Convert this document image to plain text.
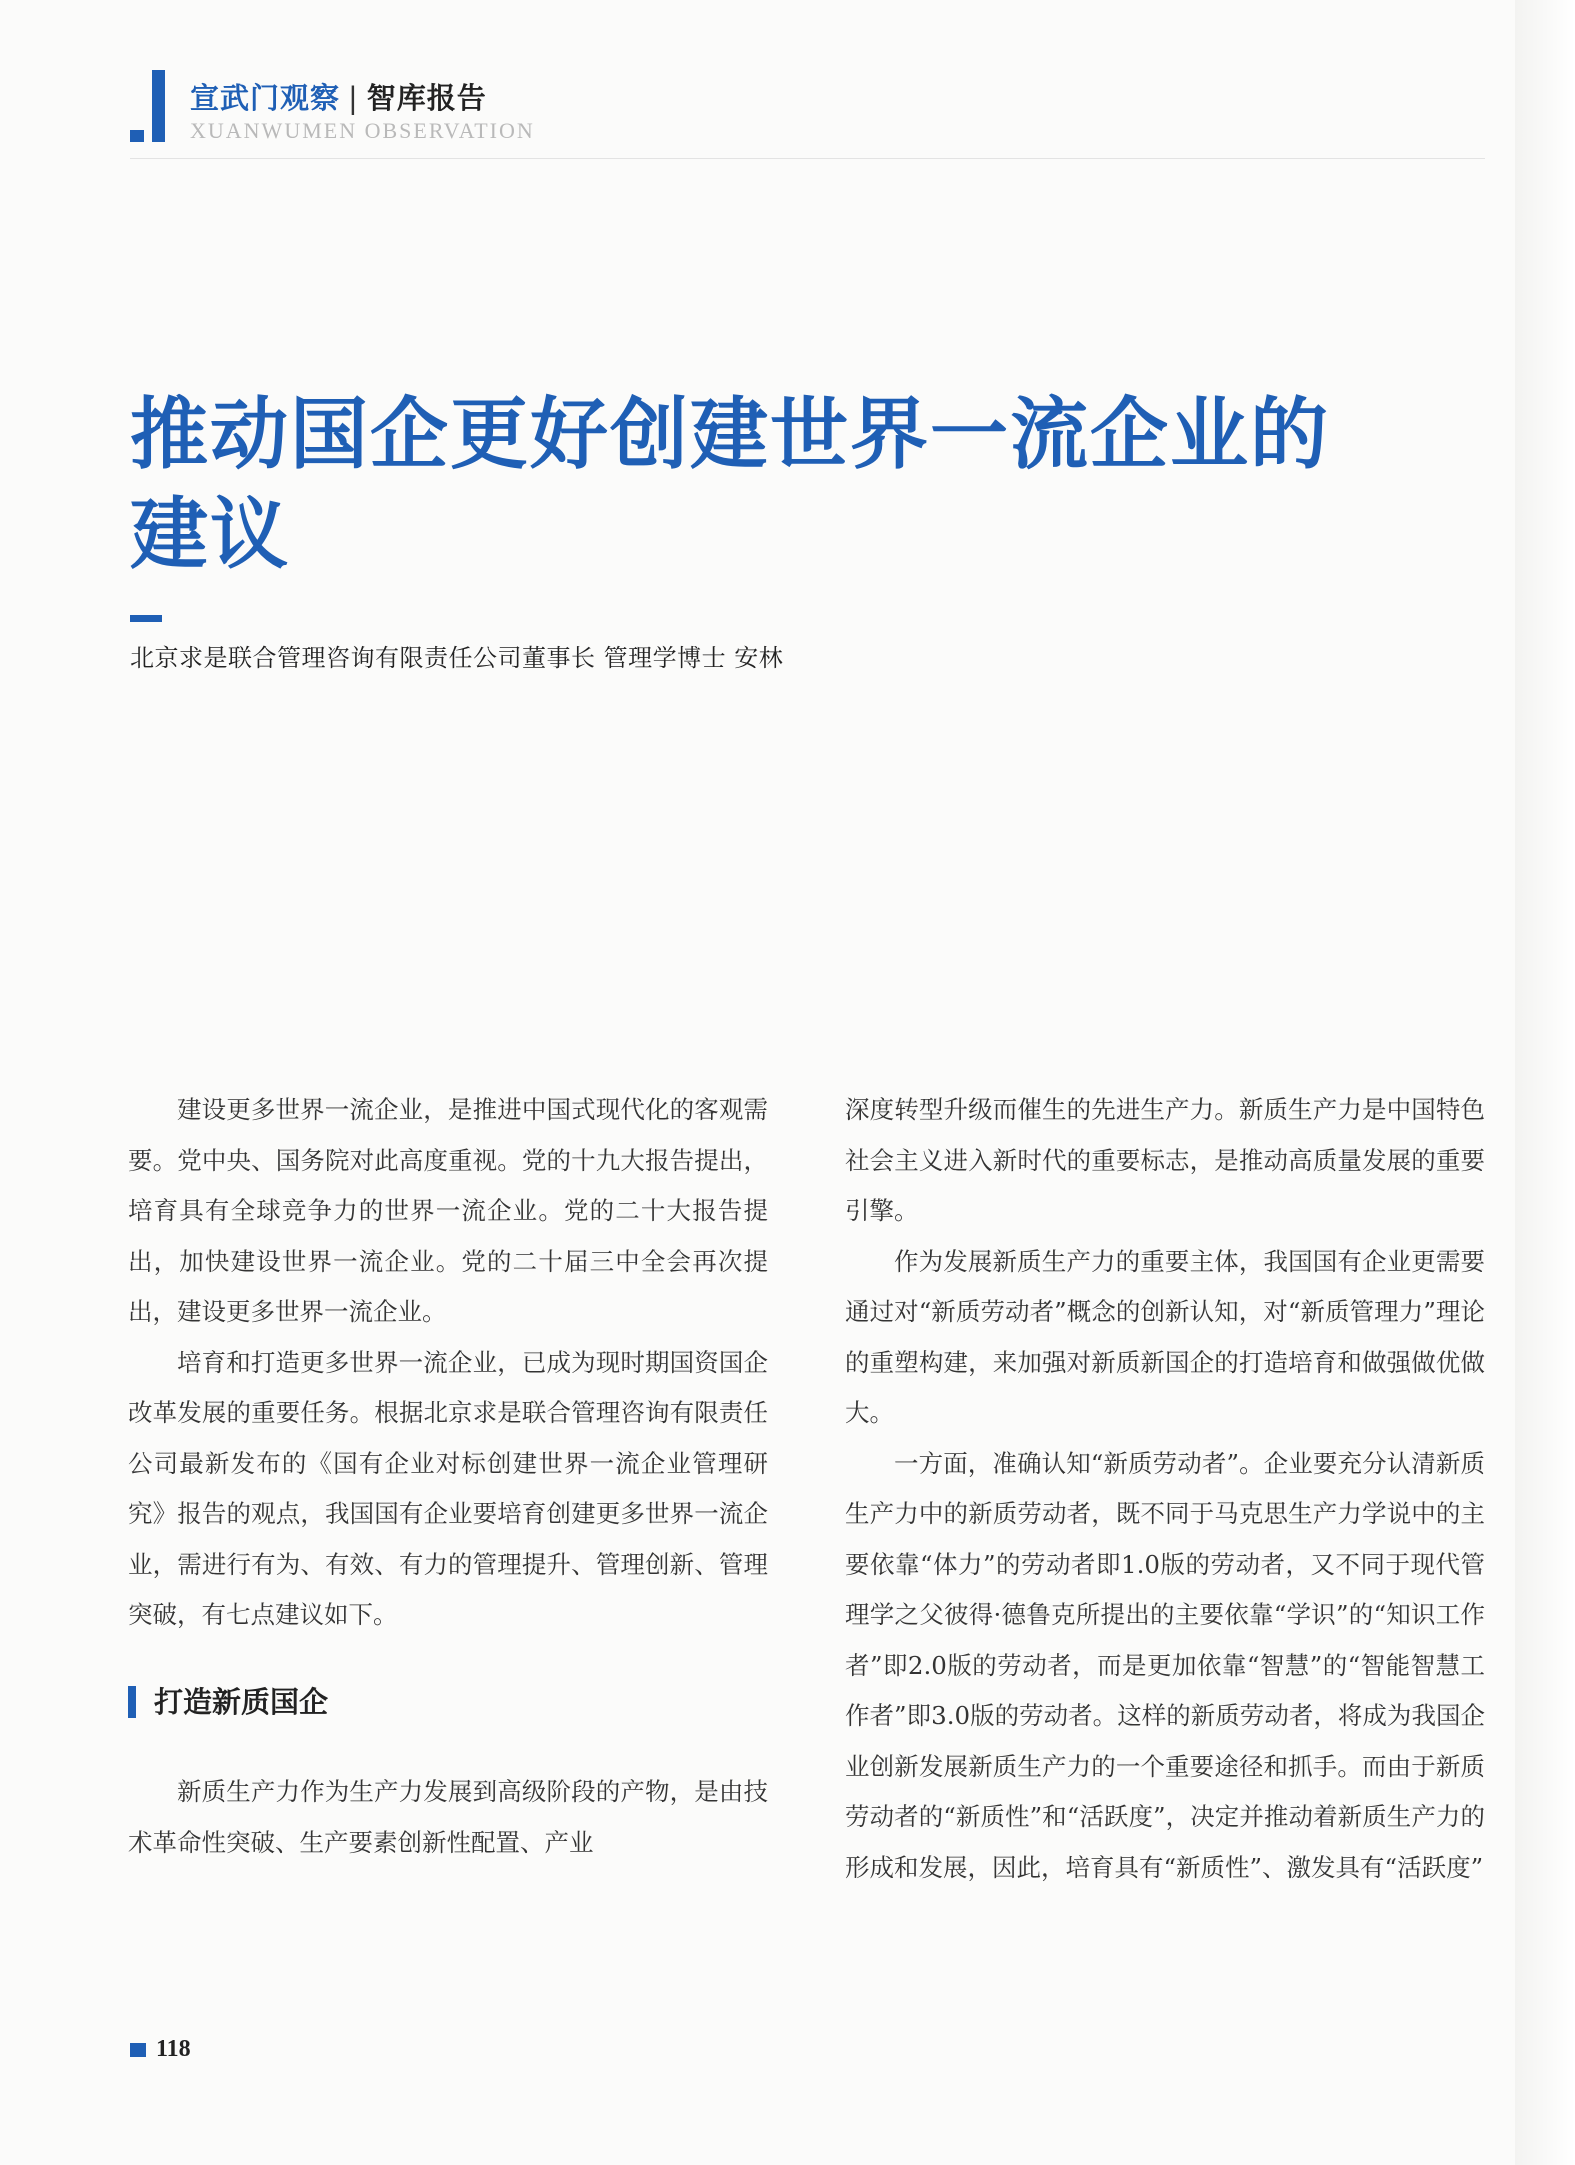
宣武门观察 | 智库报告
XUANWUMEN OBSERVATION
推动国企更好创建世界一流企业的
建议
北京求是联合管理咨询有限责任公司董事长 管理学博士 安林

建设更多世界一流企业，是推进中国式现代化的客观需要。党中央、国务院对此高度重视。党的十九大报告提出，培育具有全球竞争力的世界一流企业。党的二十大报告提出，加快建设世界一流企业。党的二十届三中全会再次提出，建设更多世界一流企业。

培育和打造更多世界一流企业，已成为现时期国资国企改革发展的重要任务。根据北京求是联合管理咨询有限责任公司最新发布的《国有企业对标创建世界一流企业管理研究》报告的观点，我国国有企业要培育创建更多世界一流企业，需进行有为、有效、有力的管理提升、管理创新、管理突破，有七点建议如下。

打造新质国企

新质生产力作为生产力发展到高级阶段的产物，是由技术革命性突破、生产要素创新性配置、产业

深度转型升级而催生的先进生产力。新质生产力是中国特色社会主义进入新时代的重要标志，是推动高质量发展的重要引擎。

作为发展新质生产力的重要主体，我国国有企业更需要通过对“新质劳动者”概念的创新认知，对“新质管理力”理论的重塑构建，来加强对新质新国企的打造培育和做强做优做大。

一方面，准确认知“新质劳动者”。企业要充分认清新质生产力中的新质劳动者，既不同于马克思生产力学说中的主要依靠“体力”的劳动者即1.0版的劳动者，又不同于现代管理学之父彼得·德鲁克所提出的主要依靠“学识”的“知识工作者”即2.0版的劳动者，而是更加依靠“智慧”的“智能智慧工作者”即3.0版的劳动者。这样的新质劳动者，将成为我国企业创新发展新质生产力的一个重要途径和抓手。而由于新质劳动者的“新质性”和“活跃度”，决定并推动着新质生产力的形成和发展，因此，培育具有“新质性”、激发具有“活跃度”

118
